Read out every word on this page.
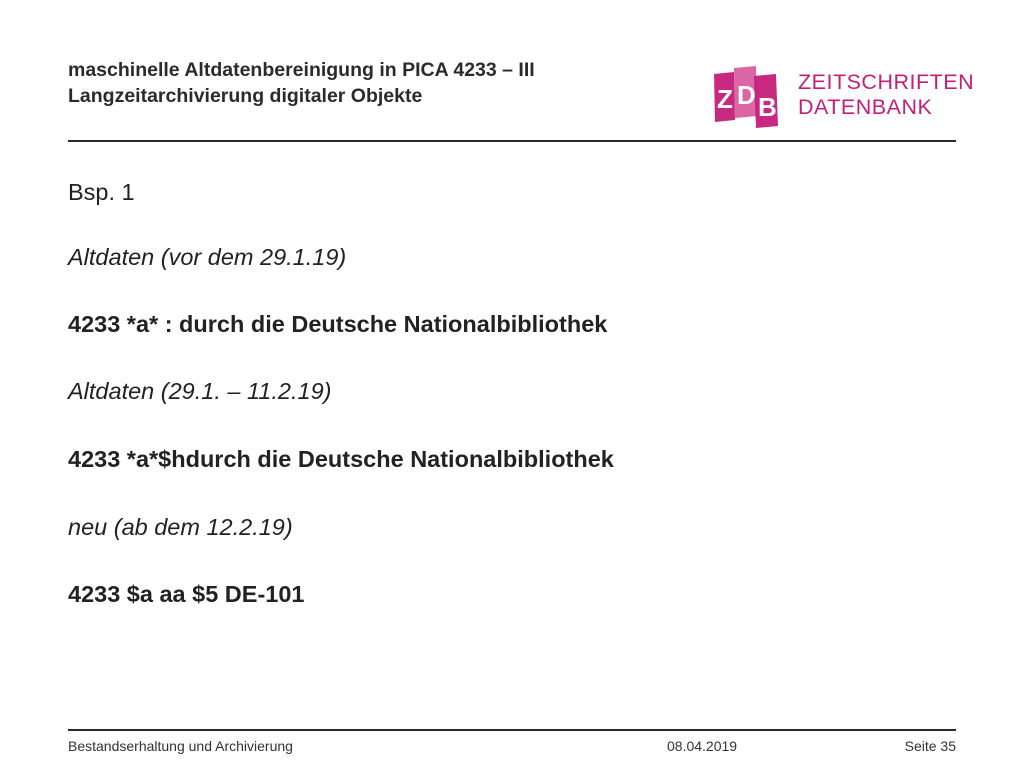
maschinelle Altdatenbereinigung in PICA 4233 – III
Langzeitarchivierung digitaler Objekte	Z D B
ZEITSCHRIFTEN
DATENBANK
Bsp. 1
Altdaten (vor dem 29.1.19)
4233 *a* : durch die Deutsche Nationalbibliothek
Altdaten (29.1. – 11.2.19)
4233 *a*$hdurch die Deutsche Nationalbibliothek
neu (ab dem 12.2.19)
4233 $a aa $5 DE-101
Bestandserhaltung und Archivierung	08.04.2019	Seite 35
